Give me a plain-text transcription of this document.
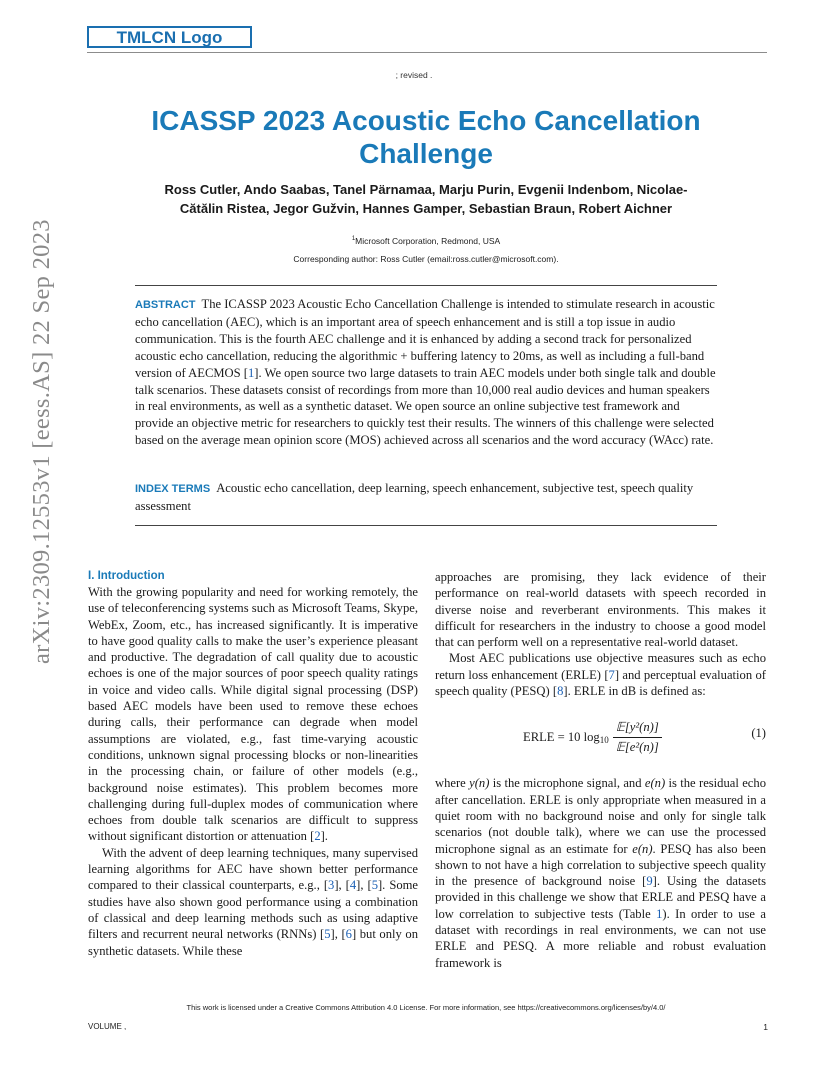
TMLCN Logo
; revised .
ICASSP 2023 Acoustic Echo Cancellation Challenge
Ross Cutler, Ando Saabas, Tanel Pärnamaa, Marju Purin, Evgenii Indenbom, Nicolae-Cătălin Ristea, Jegor Gužvin, Hannes Gamper, Sebastian Braun, Robert Aichner
$^1$Microsoft Corporation, Redmond, USA
Corresponding author: Ross Cutler (email:ross.cutler@microsoft.com).
ABSTRACT The ICASSP 2023 Acoustic Echo Cancellation Challenge is intended to stimulate research in acoustic echo cancellation (AEC), which is an important area of speech enhancement and is still a top issue in audio communication. This is the fourth AEC challenge and it is enhanced by adding a second track for personalized acoustic echo cancellation, reducing the algorithmic + buffering latency to 20ms, as well as including a full-band version of AECMOS [1]. We open source two large datasets to train AEC models under both single talk and double talk scenarios. These datasets consist of recordings from more than 10,000 real audio devices and human speakers in real environments, as well as a synthetic dataset. We open source an online subjective test framework and provide an objective metric for researchers to quickly test their results. The winners of this challenge were selected based on the average mean opinion score (MOS) achieved across all scenarios and the word accuracy (WAcc) rate.
INDEX TERMS Acoustic echo cancellation, deep learning, speech enhancement, subjective test, speech quality assessment
I. Introduction

With the growing popularity and need for working remotely, the use of teleconferencing systems such as Microsoft Teams, Skype, WebEx, Zoom, etc., has increased significantly. It is imperative to have good quality calls to make the user’s experience pleasant and productive. The degradation of call quality due to acoustic echoes is one of the major sources of poor speech quality ratings in voice and video calls. While digital signal processing (DSP) based AEC models have been used to remove these echoes during calls, their performance can degrade when model assumptions are violated, e.g., fast time-varying acoustic conditions, unknown signal processing blocks or non-linearities in the processing chain, or failure of other models (e.g., background noise estimates). This problem becomes more challenging during full-duplex modes of communication where echoes from double talk scenarios are difficult to suppress without significant distortion or attenuation [2].

With the advent of deep learning techniques, many supervised learning algorithms for AEC have shown better performance compared to their classical counterparts, e.g., [3], [4], [5]. Some studies have also shown good performance using a combination of classical and deep learning methods such as using adaptive filters and recurrent neural networks (RNNs) [5], [6] but only on synthetic datasets. While these

approaches are promising, they lack evidence of their performance on real-world datasets with speech recorded in diverse noise and reverberant environments. This makes it difficult for researchers in the industry to choose a good model that can perform well on a representative real-world dataset.

Most AEC publications use objective measures such as echo return loss enhancement (ERLE) [7] and perceptual evaluation of speech quality (PESQ) [8]. ERLE in dB is defined as:

ERLE = 10 $\log_{10} \frac{\text{𝔼[y²(n)]}}{\text{𝔼[e²(n)]}}$	(1)

where y(n) is the microphone signal, and e(n) is the residual echo after cancellation. ERLE is only appropriate when measured in a quiet room with no background noise and only for single talk scenarios (not double talk), where we can use the processed microphone signal as an estimate for e(n). PESQ has also been shown to not have a high correlation to subjective speech quality in the presence of background noise [9]. Using the datasets provided in this challenge we show that ERLE and PESQ have a low correlation to subjective tests (Table 1). In order to use a dataset with recordings in real environments, we can not use ERLE and PESQ. A more reliable and robust evaluation framework is

arXiv:2309.12553v1 [eess.AS] 22 Sep 2023
This work is licensed under a Creative Commons Attribution 4.0 License. For more information, see https://creativecommons.org/licenses/by/4.0/
VOLUME ,	1
